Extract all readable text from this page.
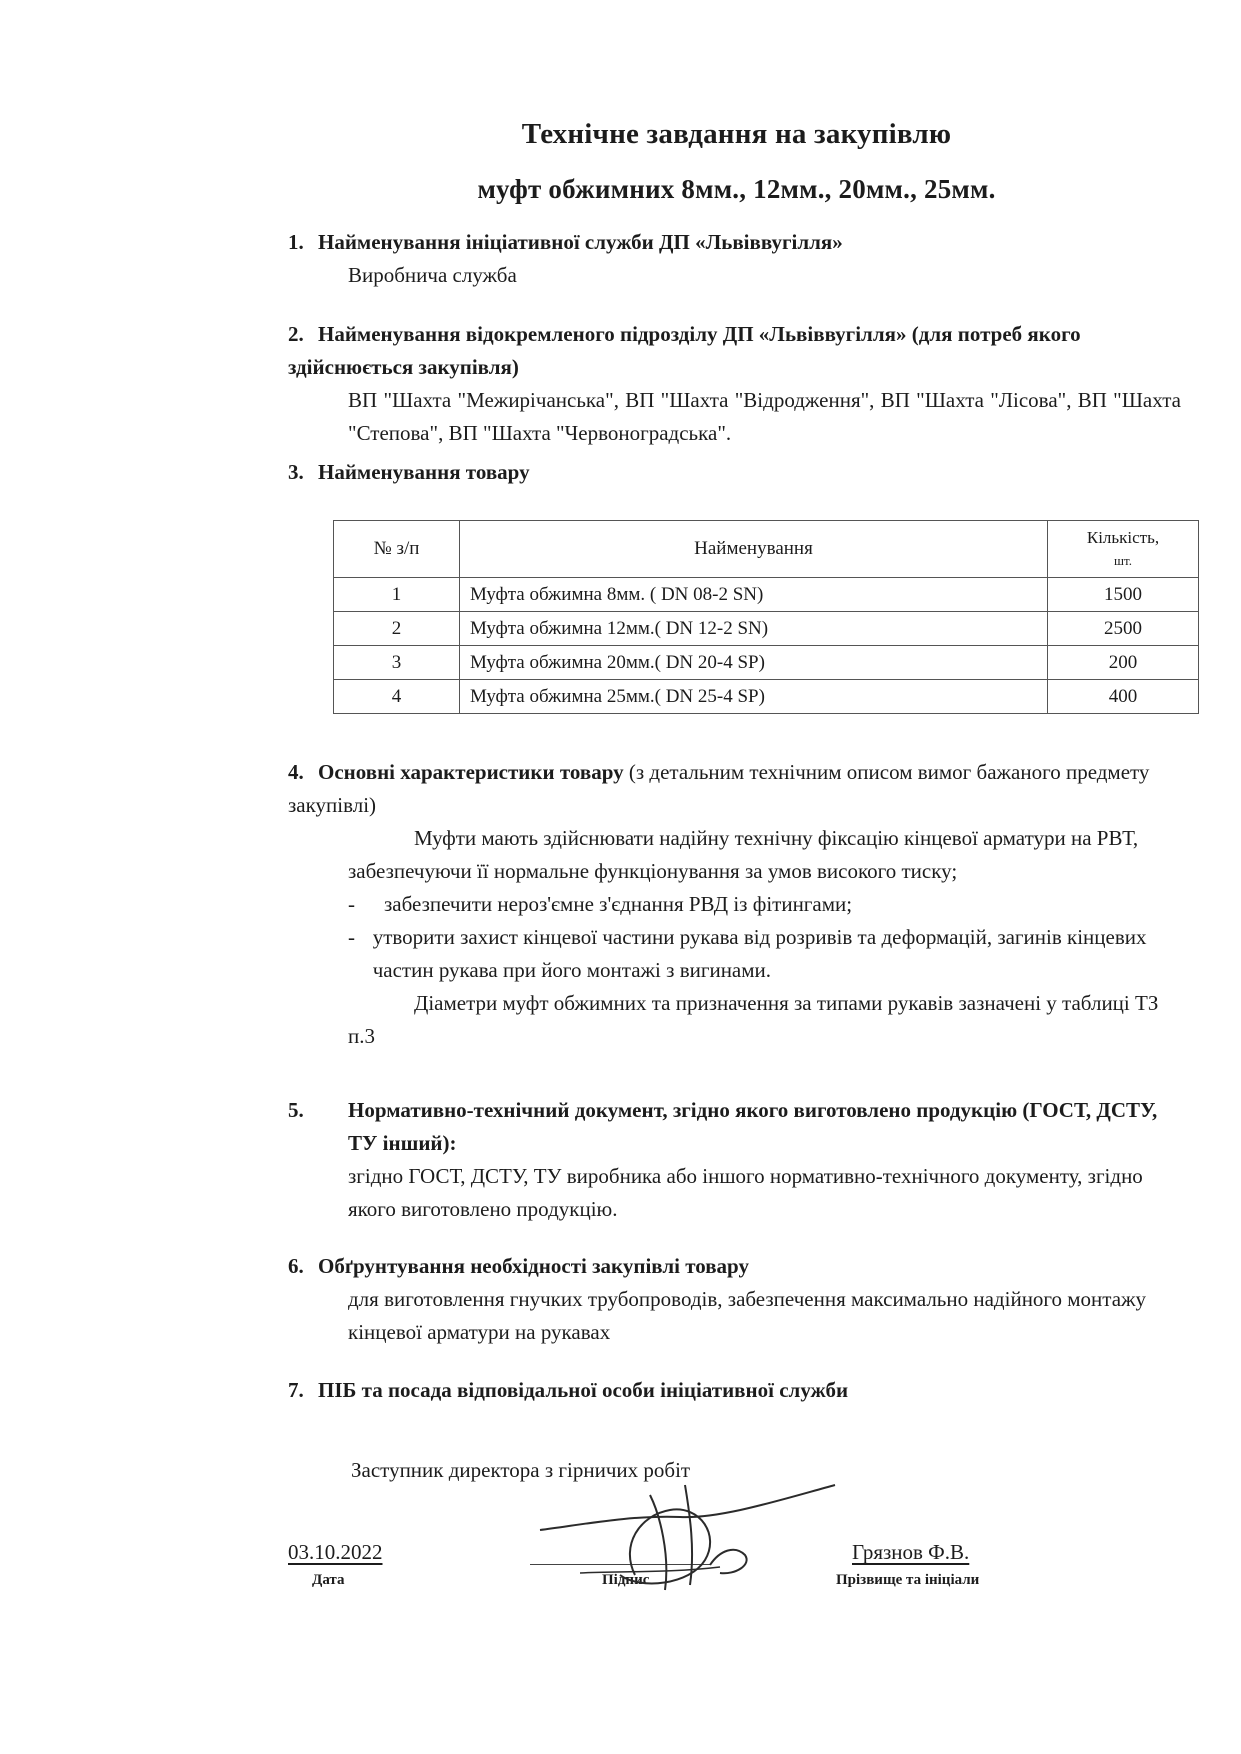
Технічне завдання на закупівлю
муфт обжимних 8мм., 12мм., 20мм., 25мм.
1. Найменування ініціативної служби ДП «Львіввугілля»
Виробнича служба
2. Найменування відокремленого підрозділу ДП «Львіввугілля» (для потреб якого здійснюється закупівля)
ВП "Шахта "Межирічанська", ВП "Шахта "Відродження", ВП "Шахта "Лісова", ВП "Шахта "Степова", ВП "Шахта "Червоноградська".
3. Найменування товару
№ з/п	Найменування	Кількість,
шт.
1	Муфта обжимна 8мм. ( DN 08-2 SN)	1500
2	Муфта обжимна 12мм.( DN 12-2 SN)	2500
3	Муфта обжимна 20мм.( DN 20-4 SP)	200
4	Муфта обжимна 25мм.( DN 25-4 SP)	400
4. Основні характеристики товару (з детальним технічним описом вимог бажаного предмету закупівлі)
Муфти мають здійснювати надійну технічну фіксацію кінцевої арматури на РВТ, забезпечуючи її нормальне функціонування за умов високого тиску;
-	забезпечити нероз'ємне з'єднання РВД із фітингами;
- утворити захист кінцевої частини рукава від розривів та деформацій, загинів кінцевих частин рукава при його монтажі з вигинами.
Діаметри муфт обжимних та призначення за типами рукавів зазначені у таблиці ТЗ п.3
5.	Нормативно-технічний документ, згідно якого виготовлено продукцію (ГОСТ, ДСТУ, ТУ інший):
згідно ГОСТ, ДСТУ, ТУ виробника або іншого нормативно-технічного документу, згідно якого виготовлено продукцію.
6. Обґрунтування необхідності закупівлі товару
для виготовлення гнучких трубопроводів, забезпечення максимально надійного монтажу кінцевої арматури на рукавах
7. ПІБ та посада відповідальної особи ініціативної служби
Заступник директора з гірничих робіт
03.10.2022
Дата	Підпис
Грязнов Ф.В.
Прізвище та ініціали
